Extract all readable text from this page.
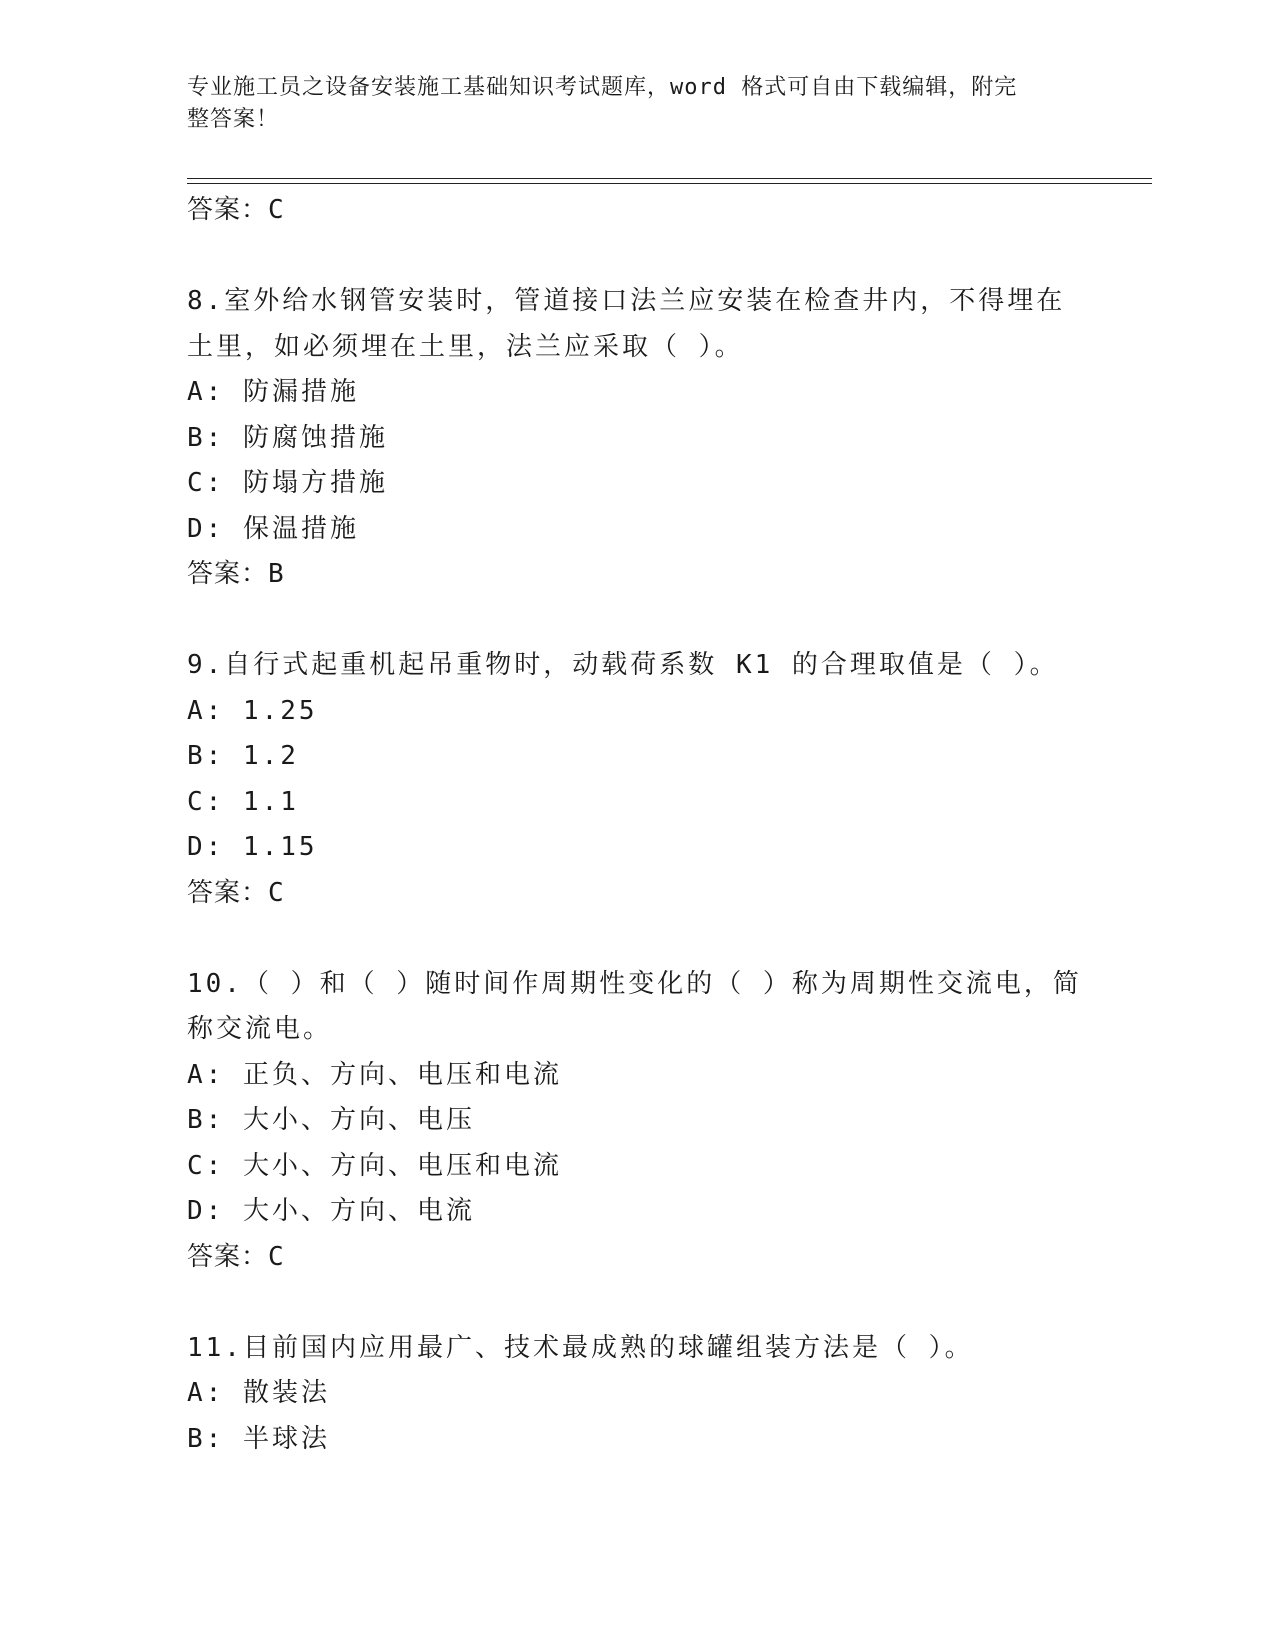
专业施工员之设备安装施工基础知识考试题库，word 格式可自由下载编辑，附完
整答案！
答案：C
8.室外给水钢管安装时，管道接口法兰应安装在检查井内，不得埋在
土里，如必须埋在土里，法兰应采取（ ）。
A: 防漏措施
B: 防腐蚀措施
C: 防塌方措施
D: 保温措施
答案：B
9.自行式起重机起吊重物时，动载荷系数 K1 的合理取值是（ ）。
A: 1.25
B: 1.2
C: 1.1
D: 1.15
答案：C
10.（ ）和（ ）随时间作周期性变化的（ ）称为周期性交流电，简
称交流电。
A: 正负、方向、电压和电流
B: 大小、方向、电压
C: 大小、方向、电压和电流
D: 大小、方向、电流
答案：C
11.目前国内应用最广、技术最成熟的球罐组装方法是（ ）。
A: 散装法
B: 半球法
